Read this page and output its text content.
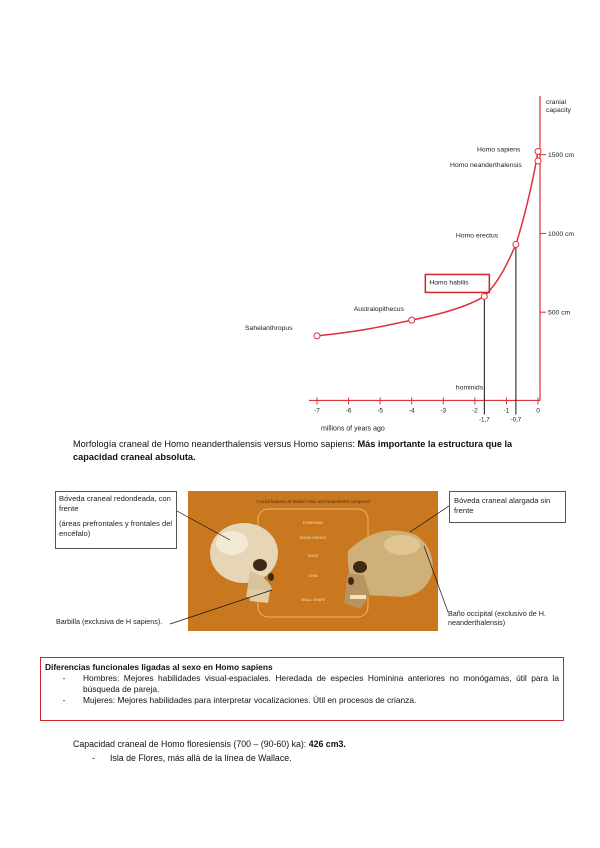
-7	-6	-5	-4	-3	-2	-1	0
-1,7	-0,7
millions of years ago
500 cm
1000 cm
1500 cm
cranial
capacity
Sahelanthropus
Australopithecus
Homo habilis
Homo erectus
Homo sapiens
Homo neanderthalensis
hominids
Morfología craneal de Homo neanderthalensis versus Homo sapiens: Más importante la estructura que la capacidad craneal absoluta.
Cranial features of Modern Man and Neanderthal compared
FOREHEAD
BROW RIDGES
NOSE
CHIN
SKULL SHAPE
Bóveda craneal redondeada, con frente
(áreas prefrontales y frontales del encéfalo)
Bóveda craneal alargada sin frente
Barbilla (exclusiva de H sapiens).
Baño occipital (exclusivo de H. neanderthalensis)
Diferencias funcionales ligadas al sexo en Homo sapiens
-	Hombres: Mejores habilidades visual-espaciales. Heredada de especies Hominina anteriores no monógamas, útil para la búsqueda de pareja.
-	Mujeres: Mejores habilidades para interpretar vocalizaciones. Útil en procesos de crianza.
Capacidad craneal de Homo floresiensis (700 – (90-60) ka): 426 cm3.
-	Isla de Flores, más allá de la línea de Wallace.
